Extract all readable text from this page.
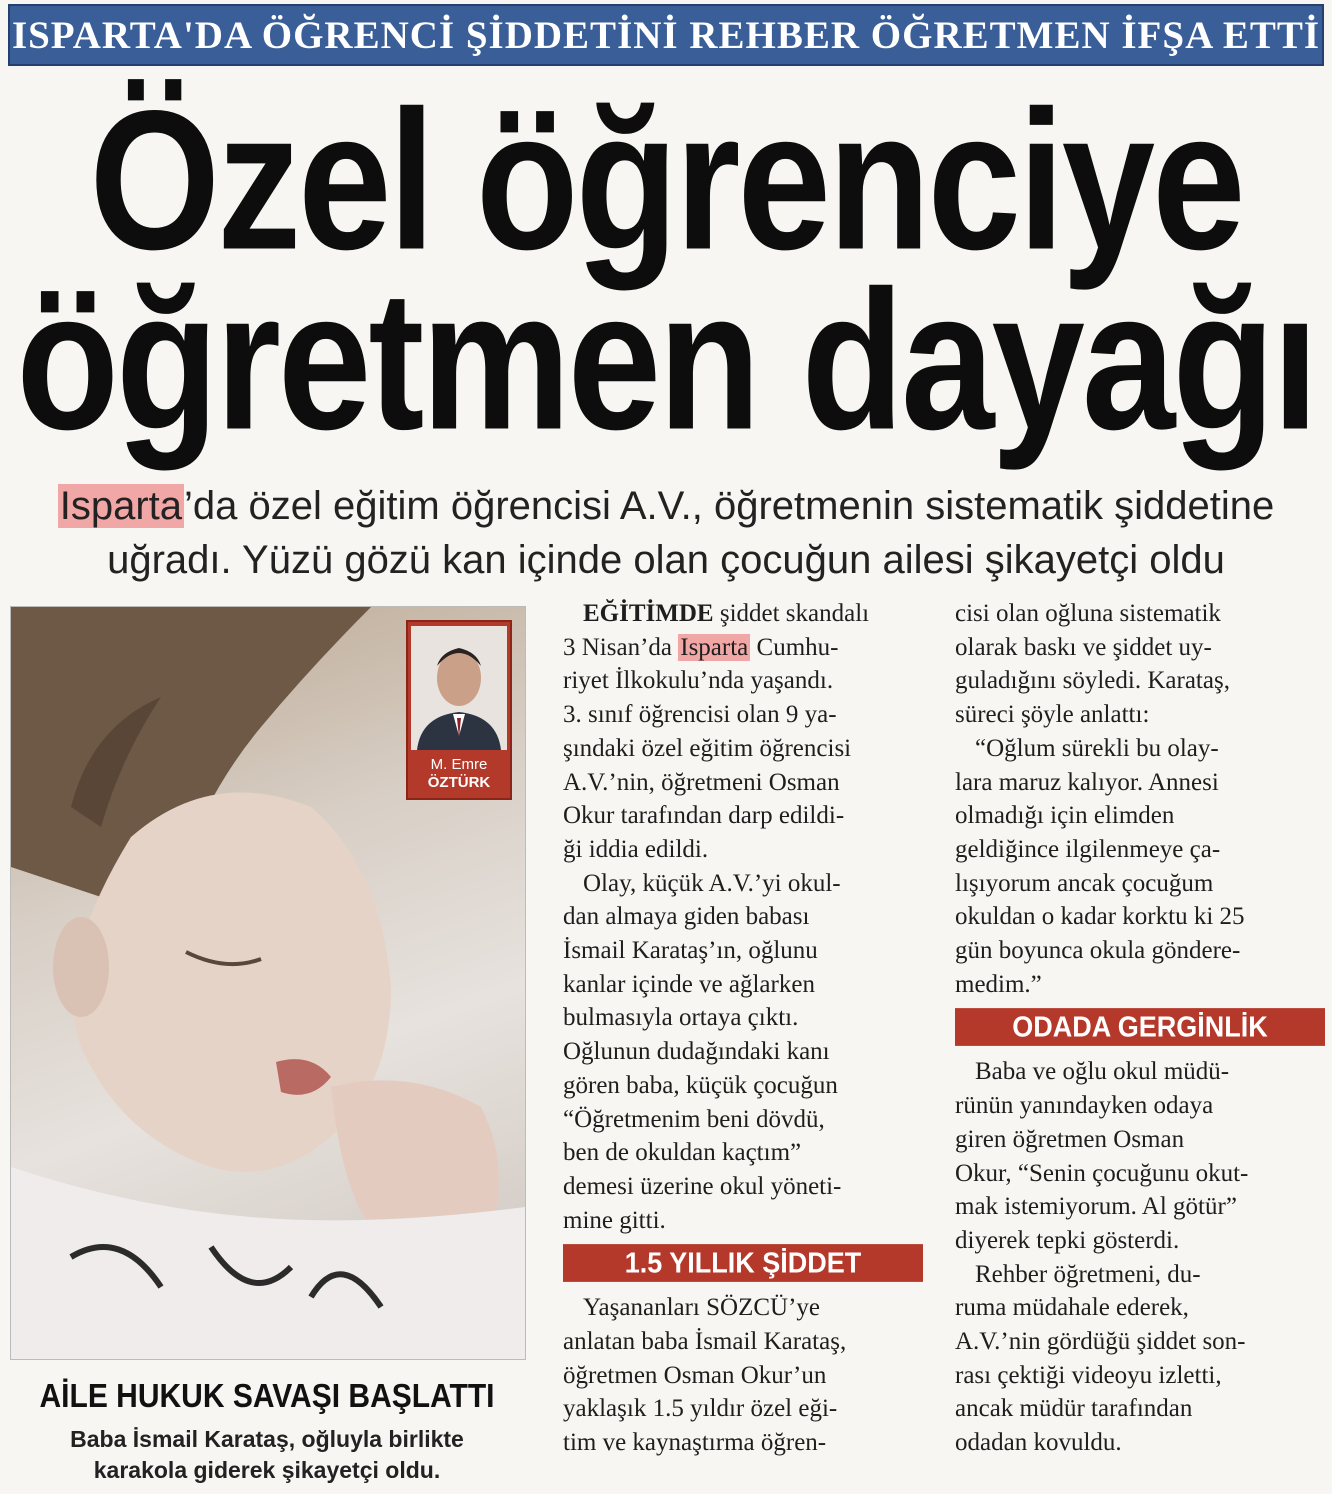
ISPARTA'DA ÖĞRENCİ ŞİDDETİNİ REHBER ÖĞRETMEN İFŞA ETTİ
Özel öğrenciye
öğretmen dayağı
Isparta’da özel eğitim öğrencisi A.V., öğretmenin sistematik şiddetine
uğradı. Yüzü gözü kan içinde olan çocuğun ailesi şikayetçi oldu
M. Emre
ÖZTÜRK
AİLE HUKUK SAVAŞI BAŞLATTI
Baba İsmail Karataş, oğluyla birlikte
karakola giderek şikayetçi oldu.

EĞİTİMDE şiddet skandalı

3 Nisan’da Isparta Cumhu-

riyet İlkokulu’nda yaşandı.

3. sınıf öğrencisi olan 9 ya-

şındaki özel eğitim öğrencisi

A.V.’nin, öğretmeni Osman

Okur tarafından darp edildi-

ği iddia edildi.

Olay, küçük A.V.’yi okul-

dan almaya giden babası

İsmail Karataş’ın, oğlunu

kanlar içinde ve ağlarken

bulmasıyla ortaya çıktı.

Oğlunun dudağındaki kanı

gören baba, küçük çocuğun

“Öğretmenim beni dövdü,

ben de okuldan kaçtım”

demesi üzerine okul yöneti-

mine gitti.

1.5 YILLIK ŞİDDET

Yaşananları SÖZCÜ’ye

anlatan baba İsmail Karataş,

öğretmen Osman Okur’un

yaklaşık 1.5 yıldır özel eği-

tim ve kaynaştırma öğren-

cisi olan oğluna sistematik

olarak baskı ve şiddet uy-

guladığını söyledi. Karataş,

süreci şöyle anlattı:

“Oğlum sürekli bu olay-

lara maruz kalıyor. Annesi

olmadığı için elimden

geldiğince ilgilenmeye ça-

lışıyorum ancak çocuğum

okuldan o kadar korktu ki 25

gün boyunca okula göndere-

medim.”

ODADA GERGİNLİK

Baba ve oğlu okul müdü-

rünün yanındayken odaya

giren öğretmen Osman

Okur, “Senin çocuğunu okut-

mak istemiyorum. Al götür”

diyerek tepki gösterdi.

Rehber öğretmeni, du-

ruma müdahale ederek,

A.V.’nin gördüğü şiddet son-

rası çektiği videoyu izletti,

ancak müdür tarafından

odadan kovuldu.
